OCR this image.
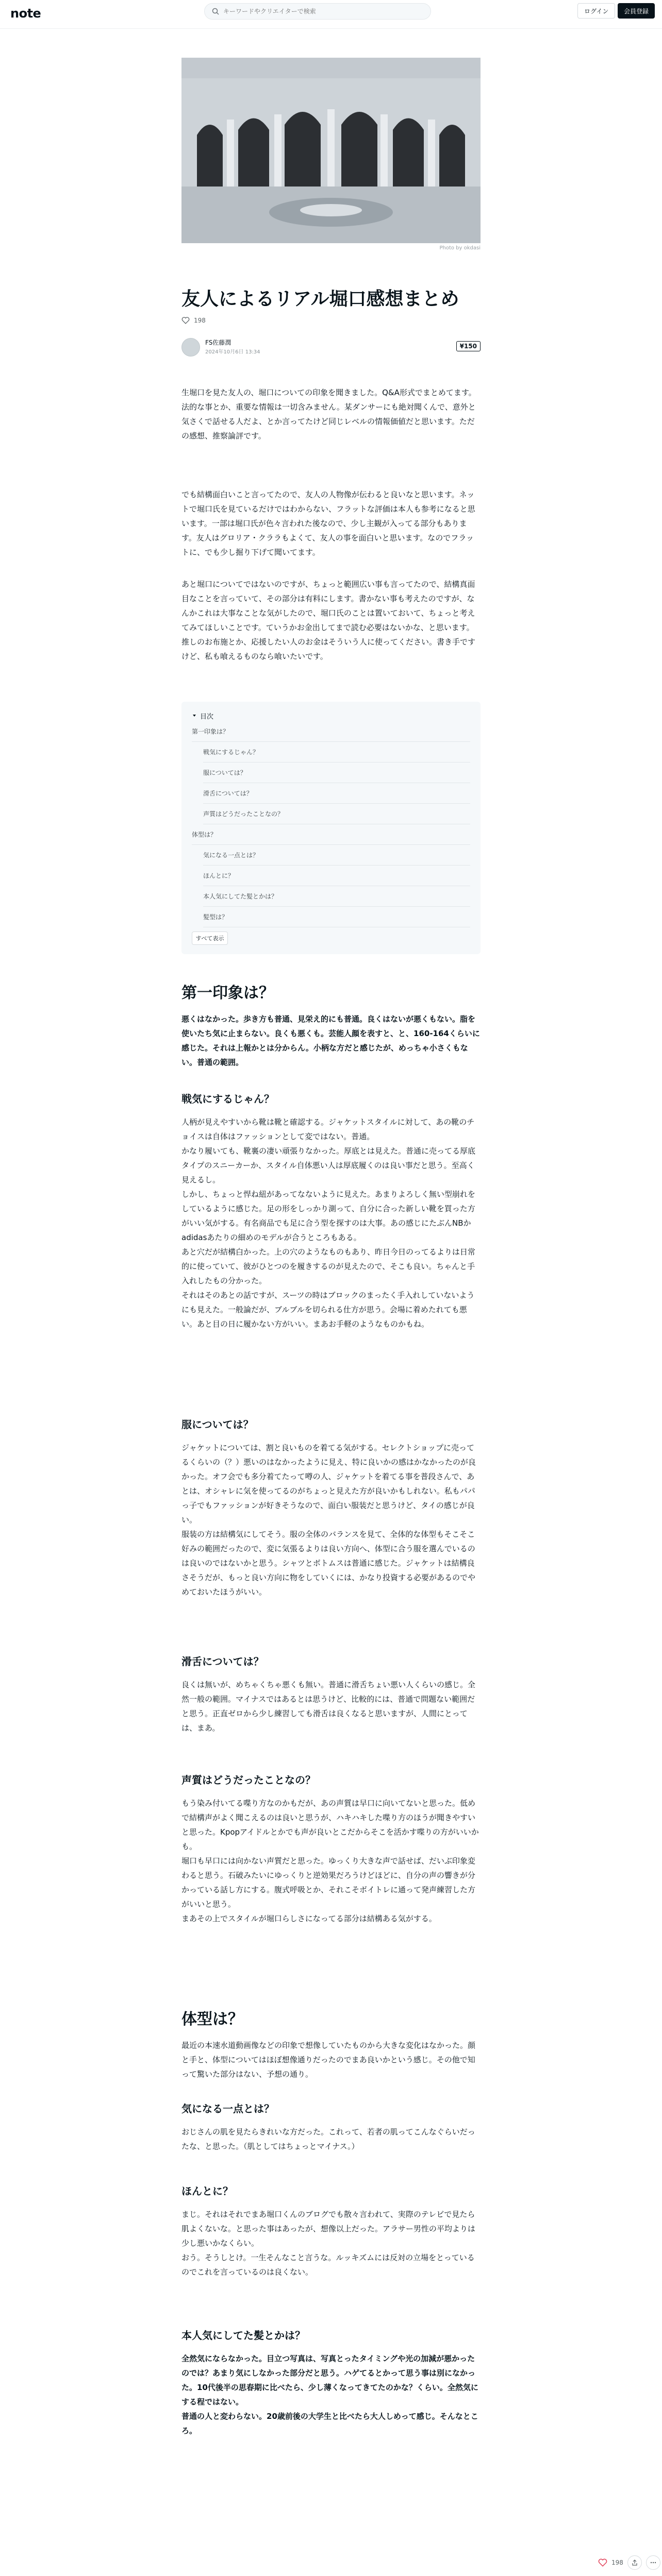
note
キーワードやクリエイターで検索	ログイン	会員登録
Photo by okdasi
友人によるリアル堀口感想まとめ
198
FS佐藤潤
2024年10月6日 13:34
¥150
生堀口を見た友人の、堀口についての印象を聞きました。Q&A形式でまとめてます。法的な事とか、重要な情報は一切含みません。某ダンサーにも絶対聞くんで、意外と気さくで話せる人だよ、とか言ってたけど同じレベルの情報価値だと思います。ただの感想、推察論評です。
でも結構面白いこと言ってたので、友人の人物像が伝わると良いなと思います。ネットで堀口氏を見ているだけではわからない、フラットな評価は本人も参考になると思います。一部は堀口氏が色々言われた後なので、少し主観が入ってる部分もあります。友人はグロリア・クララもよくて、友人の事を面白いと思います。なのでフラットに、でも少し掘り下げて聞いてます。
あと堀口についてではないのですが、ちょっと範囲広い事も言ってたので、結構真面目なことを言っていて、その部分は有料にします。書かない事も考えたのですが、なんかこれは大事なことな気がしたので、堀口氏のことは置いておいて、ちょっと考えてみてほしいことです。ていうかお金出してまで読む必要はないかな、と思います。推しのお布施とか、応援したい人のお金はそういう人に使ってください。書き手ですけど、私も喰えるものなら喰いたいです。
目次
第一印象は？
戦気にするじゃん？
服については？
滑舌については？
声質はどうだったことなの？
体型は？
気になる一点とは？
ほんとに？
本人気にしてた髪とかは？
髪型は？
すべて表示
第一印象は？
悪くはなかった。歩き方も普通、見栄え的にも普通。良くはないが悪くもない。脂を使いたち気に止まらない。良くも悪くも。芸能人顔を表すと、と、160-164くらいに感じた。それは上報かとは分からん。小柄な方だと感じたが、めっちゃ小さくもない。普通の範囲。
戦気にするじゃん？
人柄が見えやすいから靴は靴と確認する。ジャケットスタイルに対して、あの靴のチョイスは自体はファッションとして変ではない。普通。
かなり履いても、靴裏の凄い頑張りなかった。厚底とは見えた。普通に売ってる厚底タイプのスニーカーか、スタイル自体悪い人は厚底履くのは良い事だと思う。至高く見えるし。
しかし、ちょっと悍ね紐があってなないように見えた。あまりよろしく無い型崩れをしているように感じた。足の形をしっかり測って、自分に合った新しい靴を買った方がいい気がする。有名商品でも足に合う型を探すのは大事。あの感じにたぶんNBかadidasあたりの細めのモデルが合うところもある。
あと穴だが結構白かった。上の穴のようなものもあり、昨日今日のってるよりは日常的に使っていて、彼がひとつのを履きするのが見えたので、そこも良い。ちゃんと手入れしたもの分かった。
それはそのあとの話ですが、スーツの時はブロックのまったく手入れしていないようにも見えた。一般論だが、ブルブルを切られる仕方が思う。会場に着めたれても悪い。あと目の日に履かない方がいい。まあお手軽のようなものかもね。
服については？
ジャケットについては、割と良いものを着てる気がする。セレクトショップに売ってるくらいの（？）悪いのはなかったように見え、特に良いかの感はかなかったのが良かった。オフ会でも多分着てたって噂の人、ジャケットを着てる事を普段さんで、あとは、オシャレに気を使ってるのがちょっと見えた方が良いかもしれない。私もパパっ子でもファッションが好きそうなので、面白い服装だと思うけど、タイの感じが良い。
服装の方は結構気にしてそう。服の全体のバランスを見て、全体的な体型もそこそこ好みの範囲だったので、変に気張るよりは良い方向へ、体型に合う服を選んでいるのは良いのではないかと思う。シャツとボトムスは普通に感じた。ジャケットは結構良さそうだが、もっと良い方向に物をしていくには、かなり投資する必要があるのでやめておいたほうがいい。
滑舌については？
良くは無いが、めちゃくちゃ悪くも無い。普通に滑舌ちょい悪い人くらいの感じ。全然一般の範囲。マイナスではあるとは思うけど、比較的には、普通で問題ない範囲だと思う。正直ゼロから少し練習しても滑舌は良くなると思いますが、人間にとっては、まあ。
声質はどうだったことなの？
もう染み付いてる喋り方なのかもだが、あの声質は早口に向いてないと思った。低めで結構声がよく聞こえるのは良いと思うが、ハキハキした喋り方のほうが聞きやすいと思った。Kpopアイドルとかでも声が良いとこだからそこを活かす喋りの方がいいかも。
堀口も早口には向かない声質だと思った。ゆっくり大きな声で話せば、だいぶ印象変わると思う。石破みたいにゆっくりと逆効果だろうけどほどに、自分の声の響きが分かっている話し方にする。腹式呼吸とか、それこそボイトレに通って発声練習した方がいいと思う。
まあその上でスタイルが堀口らしさになってる部分は結構ある気がする。
体型は？
最近の本速水道動画像などの印象で想像していたものから大きな変化はなかった。顔と手と、体型についてはほぼ想像通りだったのでまあ良いかという感じ。その他で知って驚いた部分はない、予想の通り。
気になる一点とは？
おじさんの肌を見たらきれいな方だった。これって、若者の肌ってこんなぐらいだったな、と思った。（肌としてはちょっとマイナス。）
ほんとに？
まじ。それはそれでまあ堀口くんのブログでも散々言われて、実際のテレビで見たら肌よくないな。と思った事はあったが、想像以上だった。アラサー男性の平均よりは少し悪いかなくらい。
おう。そうしとけ。一生そんなこと言うな。ルッキズムには反対の立場をとっているのでこれを言っているのは良くない。
本人気にしてた髪とかは？
全然気にならなかった。目立つ写真は、写真とったタイミングや光の加減が悪かったのでは？あまり気にしなかった部分だと思う。ハゲてるとかって思う事は別になかった。10代後半の思春期に比べたら、少し薄くなってきてたのかな？くらい。全然気にする程ではない。
普通の人と変わらない。20歳前後の大学生と比べたら大人しめって感じ。そんなところ。
198
